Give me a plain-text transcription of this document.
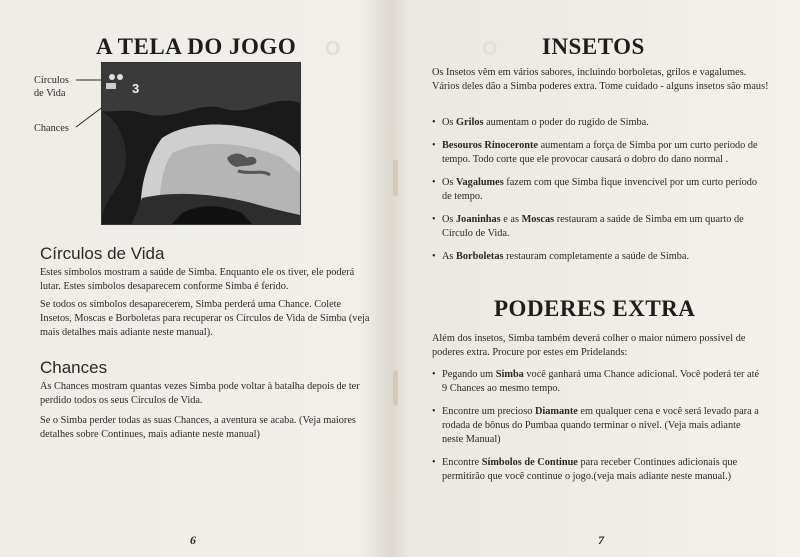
O
A TELA DO JOGO
Círculos
de Vida
Chances
3
Círculos de Vida

Estes símbolos mostram a saúde de Simba. Enquanto ele os tiver, ele poderá lutar. Estes símbolos desaparecem conforme Simba é ferido.

Se todos os símbolos desaparecerem, Simba perderá uma Chance. Colete Insetos, Moscas e Borboletas para recuperar os Círculos de Vida de Simba (veja mais detalhes mais adiante neste manual).

Chances

As Chances mostram quantas vezes Simba pode voltar à batalha depois de ter perdido todos os seus Círculos de Vida.

Se o Simba perder todas as suas Chances, a aventura se acaba. (Veja maiores detalhes sobre Continues, mais adiante neste manual)

6
O INSETOS

Os Insetos vêm em vários sabores, incluindo borboletas, grilos e vagalumes. Vários deles dão a Simba poderes extra. Tome cuidado - alguns insetos são maus!

• Os Grilos aumentam o poder do rugido de Simba.
• Besouros Rinoceronte aumentam a força de Simba por um curto período de tempo. Todo corte que ele provocar causará o dobro do dano normal .
• Os Vagalumes fazem com que Simba fique invencível por um curto período de tempo.
• Os Joaninhas e as Moscas restauram a saúde de Simba em um quarto de Círculo de Vida.
• As Borboletas restauram completamente a saúde de Simba.
PODERES EXTRA

Além dos insetos, Simba também deverá colher o maior número possível de poderes extra. Procure por estes em Pridelands:

• Pegando um Simba você ganhará uma Chance adicional. Você poderá ter até 9 Chances ao mesmo tempo.
• Encontre um precioso Diamante em qualquer cena e você será levado para a rodada de bônus do Pumbaa quando terminar o nível. (Veja mais adiante neste Manual)
• Encontre Símbolos de Continue para receber Continues adicionais que permitirão que você continue o jogo.(veja mais adiante neste manual.)
7
